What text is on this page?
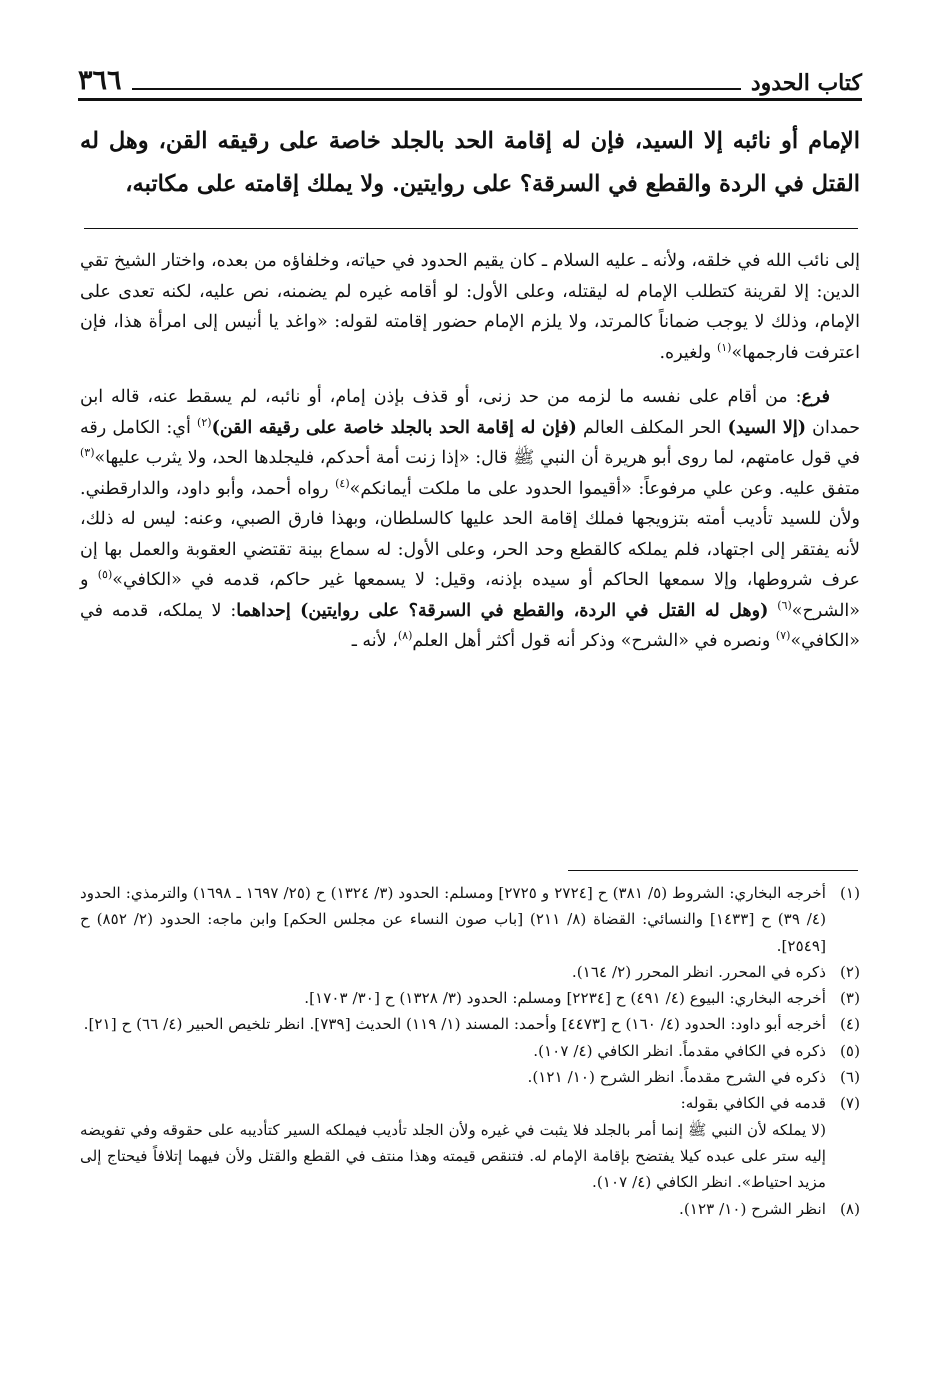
كتاب الحدود
٣٦٦
الإمام أو نائبه إلا السيد، فإن له إقامة الحد بالجلد خاصة على رقيقه القن، وهل له القتل في الردة والقطع في السرقة؟ على روايتين. ولا يملك إقامته على مكاتبه،

إلى نائب الله في خلقه، ولأنه ـ عليه السلام ـ كان يقيم الحدود في حياته، وخلفاؤه من بعده، واختار الشيخ تقي الدين: إلا لقرينة كتطلب الإمام له ليقتله، وعلى الأول: لو أقامه غيره لم يضمنه، نص عليه، لكنه تعدى على الإمام، وذلك لا يوجب ضماناً كالمرتد، ولا يلزم الإمام حضور إقامته لقوله: «واغد يا أنيس إلى امرأة هذا، فإن اعترفت فارجمها»$^{(١)}$ ولغيره.

فرع: من أقام على نفسه ما لزمه من حد زنى، أو قذف بإذن إمام، أو نائبه، لم يسقط عنه، قاله ابن حمدان (إلا السيد) الحر المكلف العالم (فإن له إقامة الحد بالجلد خاصة على رقيقه القن)$^{(٢)}$ أي: الكامل رقه في قول عامتهم، لما روى أبو هريرة أن النبي ﷺ قال: «إذا زنت أمة أحدكم، فليجلدها الحد، ولا يثرب عليها»$^{(٣)}$ متفق عليه. وعن علي مرفوعاً: «أقيموا الحدود على ما ملكت أيمانكم»$^{(٤)}$ رواه أحمد، وأبو داود، والدارقطني. ولأن للسيد تأديب أمته بتزويجها فملك إقامة الحد عليها كالسلطان، وبهذا فارق الصبي، وعنه: ليس له ذلك، لأنه يفتقر إلى اجتهاد، فلم يملكه كالقطع وحد الحر، وعلى الأول: له سماع بينة تقتضي العقوبة والعمل بها إن عرف شروطها، وإلا سمعها الحاكم أو سيده بإذنه، وقيل: لا يسمعها غير حاكم، قدمه في «الكافي»$^{(٥)}$ و «الشرح»$^{(٦)}$ (وهل له القتل في الردة، والقطع في السرقة؟ على روايتين) إحداهما: لا يملكه، قدمه في «الكافي»$^{(٧)}$ ونصره في «الشرح» وذكر أنه قول أكثر أهل العلم$^{(٨)}$، لأنه ـ

(١)
أخرجه البخاري: الشروط (٥/ ٣٨١) ح [٢٧٢٤ و ٢٧٢٥] ومسلم: الحدود (٣/ ١٣٢٤) ح (٢٥/ ١٦٩٧ ـ ١٦٩٨) والترمذي: الحدود (٤/ ٣٩) ح [١٤٣٣] والنسائي: القضاة (٨/ ٢١١) [باب صون النساء عن مجلس الحكم] وابن ماجه: الحدود (٢/ ٨٥٢) ح [٢٥٤٩].
(٢)
ذكره في المحرر. انظر المحرر (٢/ ١٦٤).
(٣)
أخرجه البخاري: البيوع (٤/ ٤٩١) ح [٢٢٣٤] ومسلم: الحدود (٣/ ١٣٢٨) ح [٣٠/ ١٧٠٣].
(٤)
أخرجه أبو داود: الحدود (٤/ ١٦٠) ح [٤٤٧٣] وأحمد: المسند (١/ ١١٩) الحديث [٧٣٩]. انظر تلخيص الحبير (٤/ ٦٦) ح [٢١].
(٥)
ذكره في الكافي مقدماً. انظر الكافي (٤/ ١٠٧).
(٦)
ذكره في الشرح مقدماً. انظر الشرح (١٠/ ١٢١).
(٧)
قدمه في الكافي بقوله:
(لا يملكه لأن النبي ﷺ إنما أمر بالجلد فلا يثبت في غيره ولأن الجلد تأديب فيملكه السير كتأديبه على حقوقه وفي تفويضه إليه ستر على عبده كيلا يفتضح بإقامة الإمام له. فتنقص قيمته وهذا منتف في القطع والقتل ولأن فيهما إتلافاً فيحتاج إلى مزيد احتياط». انظر الكافي (٤/ ١٠٧).
(٨)
انظر الشرح (١٠/ ١٢٣).
